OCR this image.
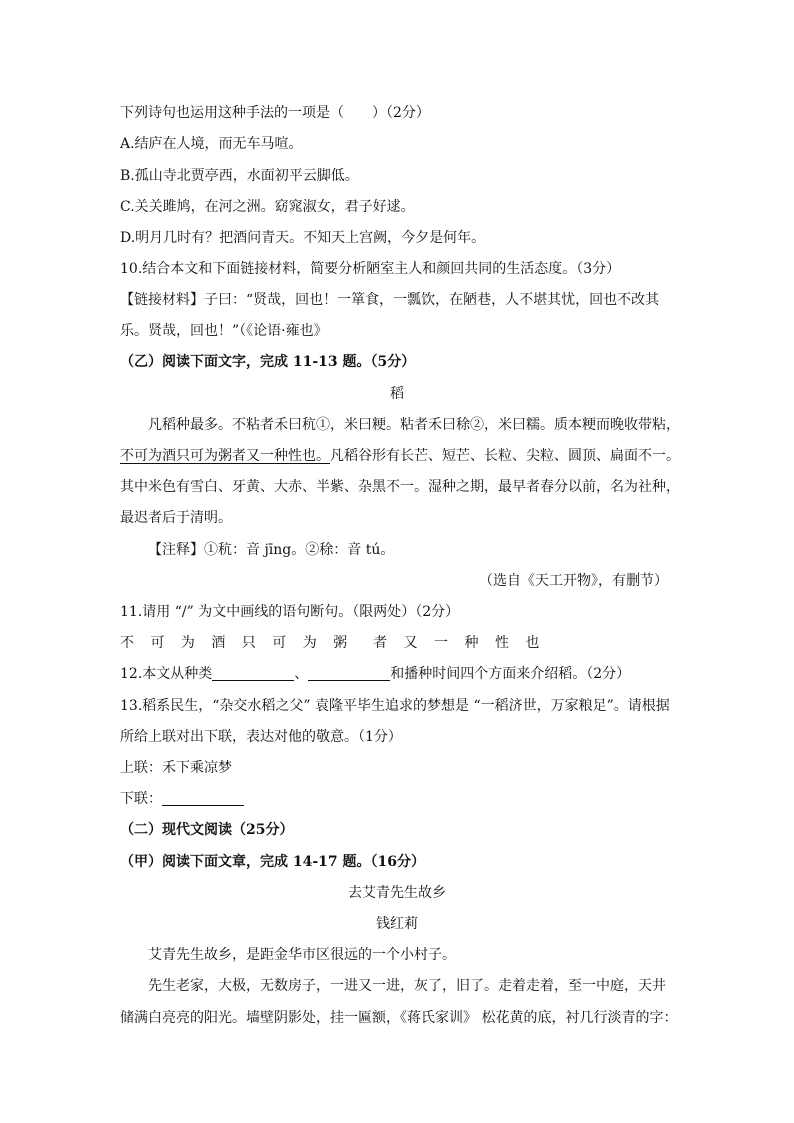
下列诗句也运用这种手法的一项是（　　）（2分）
A.结庐在人境，而无车马喧。
B.孤山寺北贾亭西，水面初平云脚低。
C.关关雎鸠，在河之洲。窈窕淑女，君子好逑。
D.明月几时有？把酒问青天。不知天上宫阙，今夕是何年。
10.结合本文和下面链接材料，简要分析陋室主人和颜回共同的生活态度。（3分）
【链接材料】子曰：“贤哉，回也！一箪食，一瓢饮，在陋巷，人不堪其忧，回也不改其
乐。贤哉，回也！”（《论语·雍也》
（乙）阅读下面文字，完成 11-13 题。（5分）
稻
凡稻种最多。不粘者禾曰秔①，米曰粳。粘者禾曰稌②，米曰糯。质本粳而晚收带粘，
不可为酒只可为粥者又一种性也。凡稻谷形有长芒、短芒、长粒、尖粒、圆顶、扁面不一。
其中米色有雪白、牙黄、大赤、半紫、杂黑不一。湿种之期，最早者春分以前，名为社种，
最迟者后于清明。
【注释】①秔：音 jīng。②稌：音 tú。
（选自《天工开物》，有删节）
11.请用 “/” 为文中画线的语句断句。（限两处）（2分）
不 可 为 酒 只 可 为 粥　者 又 一 种 性 也
12.本文从种类	、	和播种时间四个方面来介绍稻。（2分）
13.稻系民生，“杂交水稻之父” 袁隆平毕生追求的梦想是 “一稻济世，万家粮足”。请根据
所给上联对出下联，表达对他的敬意。（1分）
上联：禾下乘凉梦
下联：
（二）现代文阅读（25分）
（甲）阅读下面文章，完成 14-17 题。（16分）
去艾青先生故乡
钱红莉
艾青先生故乡，是距金华市区很远的一个小村子。
先生老家，大极，无数房子，一进又一进，灰了，旧了。走着走着，至一中庭，天井
储满白亮亮的阳光。墙壁阴影处，挂一匾额，《蒋氏家训》 松花黄的底，衬几行淡青的字：
